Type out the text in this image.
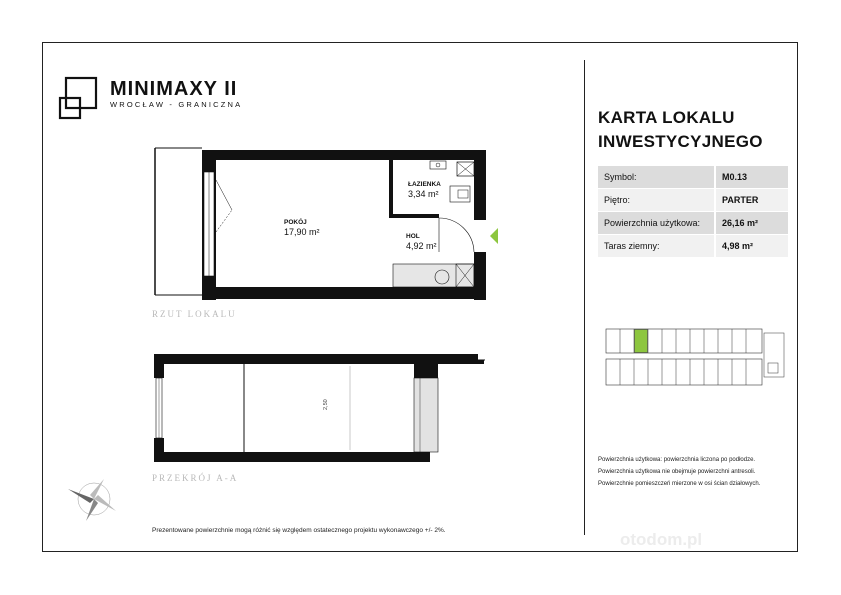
MINIMAXY II
WROCŁAW - GRANICZNA
KARTA LOKALU
INWESTYCYJNEGO
Symbol:	M0.13
Piętro:	PARTER
Powierzchnia użytkowa:	26,16 m²
Taras ziemny:	4,98 m²
POKÓJ
17,90 m²
ŁAZIENKA
3,34 m²
HOL
4,92 m²
RZUT LOKALU
2,50
PRZEKRÓJ A-A
Powierzchnia użytkowa: powierzchnia liczona po podłodze.
Powierzchnia użytkowa nie obejmuje powierzchni antresoli.
Powierzchnie pomieszczeń mierzone w osi ścian działowych.
Prezentowane powierzchnie mogą różnić się względem ostatecznego projektu wykonawczego +/- 2%.	otodom.pl
